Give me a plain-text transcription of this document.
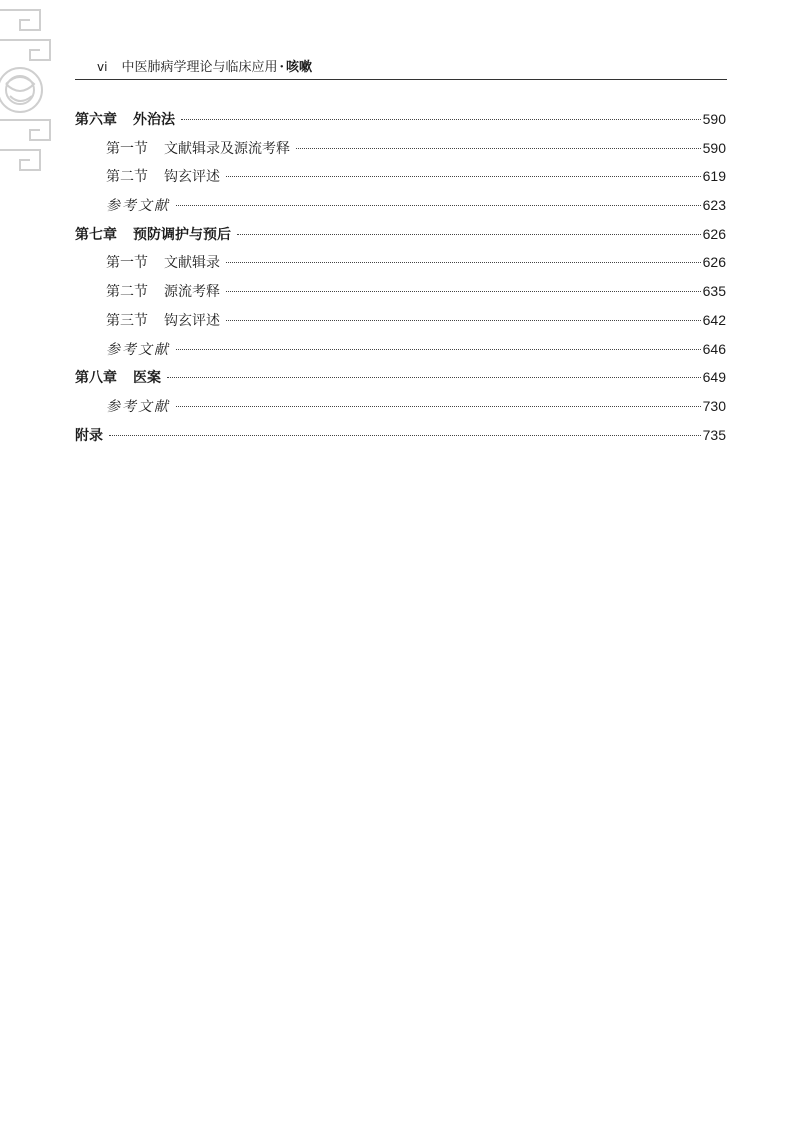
vi 中医肺病学理论与临床应用 · 咳嗽
第六章 外治法	590
第一节 文献辑录及源流考释	590
第二节 钩玄评述	619
参考文献	623
第七章 预防调护与预后	626
第一节 文献辑录	626
第二节 源流考释	635
第三节 钩玄评述	642
参考文献	646
第八章 医案	649
参考文献	730
附录	735
